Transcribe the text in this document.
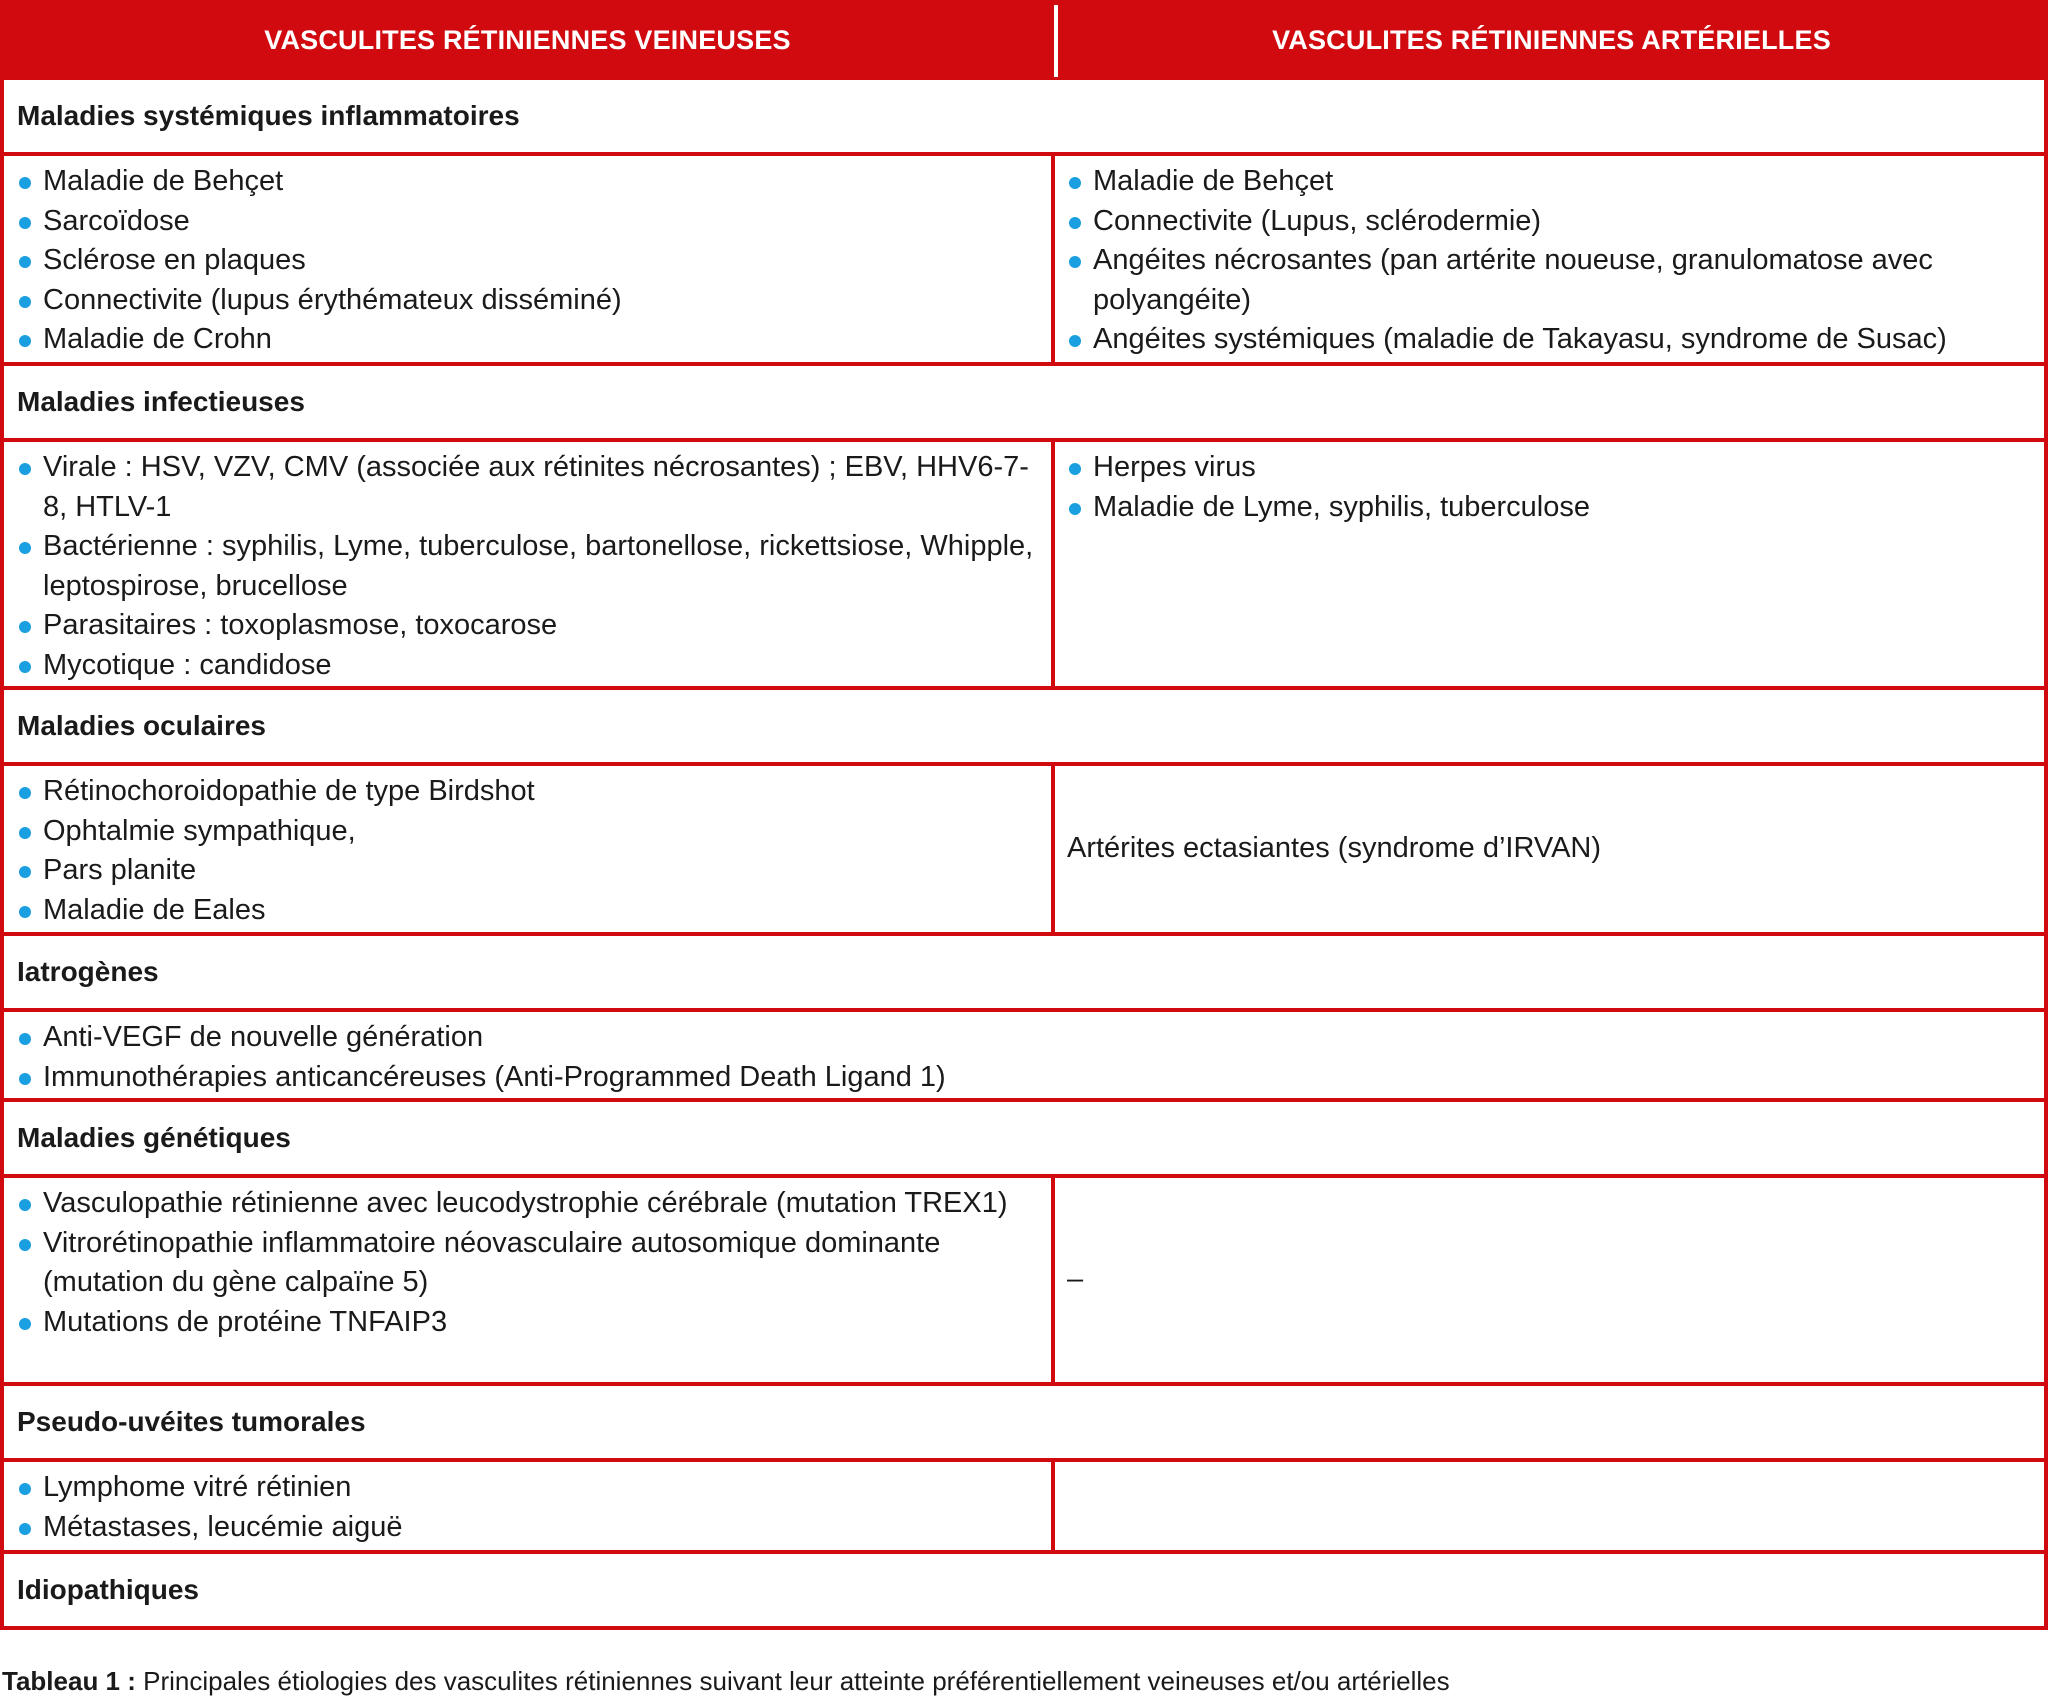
VASCULITES RÉTINIENNES VEINEUSES	VASCULITES RÉTINIENNES ARTÉRIELLES
Maladies systémiques inflammatoires
Maladie de Behçet
Sarcoïdose
Sclérose en plaques
Connectivite (lupus érythémateux disséminé)
Maladie de Crohn
Maladie de Behçet
Connectivite (Lupus, sclérodermie)
Angéites nécrosantes (pan artérite noueuse, granulomatose avec polyangéite)
Angéites systémiques (maladie de Takayasu, syndrome de Susac)
Maladies infectieuses
Virale : HSV, VZV, CMV (associée aux rétinites nécrosantes) ; EBV, HHV6-7-8, HTLV-1
Bactérienne : syphilis, Lyme, tuberculose, bartonellose, rickettsiose, Whipple, leptospirose, brucellose
Parasitaires : toxoplasmose, toxocarose
Mycotique : candidose
Herpes virus
Maladie de Lyme, syphilis, tuberculose
Maladies oculaires
Rétinochoroidopathie de type Birdshot
Ophtalmie sympathique,
Pars planite
Maladie de Eales
Artérites ectasiantes (syndrome d’IRVAN)
Iatrogènes
Anti-VEGF de nouvelle génération
Immunothérapies anticancéreuses (Anti-Programmed Death Ligand 1)
Maladies génétiques
Vasculopathie rétinienne avec leucodystrophie cérébrale (mutation TREX1)
Vitrorétinopathie inflammatoire néovasculaire autosomique dominante (mutation du gène calpaïne 5)
Mutations de protéine TNFAIP3
–
Pseudo-uvéites tumorales
Lymphome vitré rétinien
Métastases, leucémie aiguë
Idiopathiques
Tableau 1 : Principales étiologies des vasculites rétiniennes suivant leur atteinte préférentiellement veineuses et/ou artérielles
